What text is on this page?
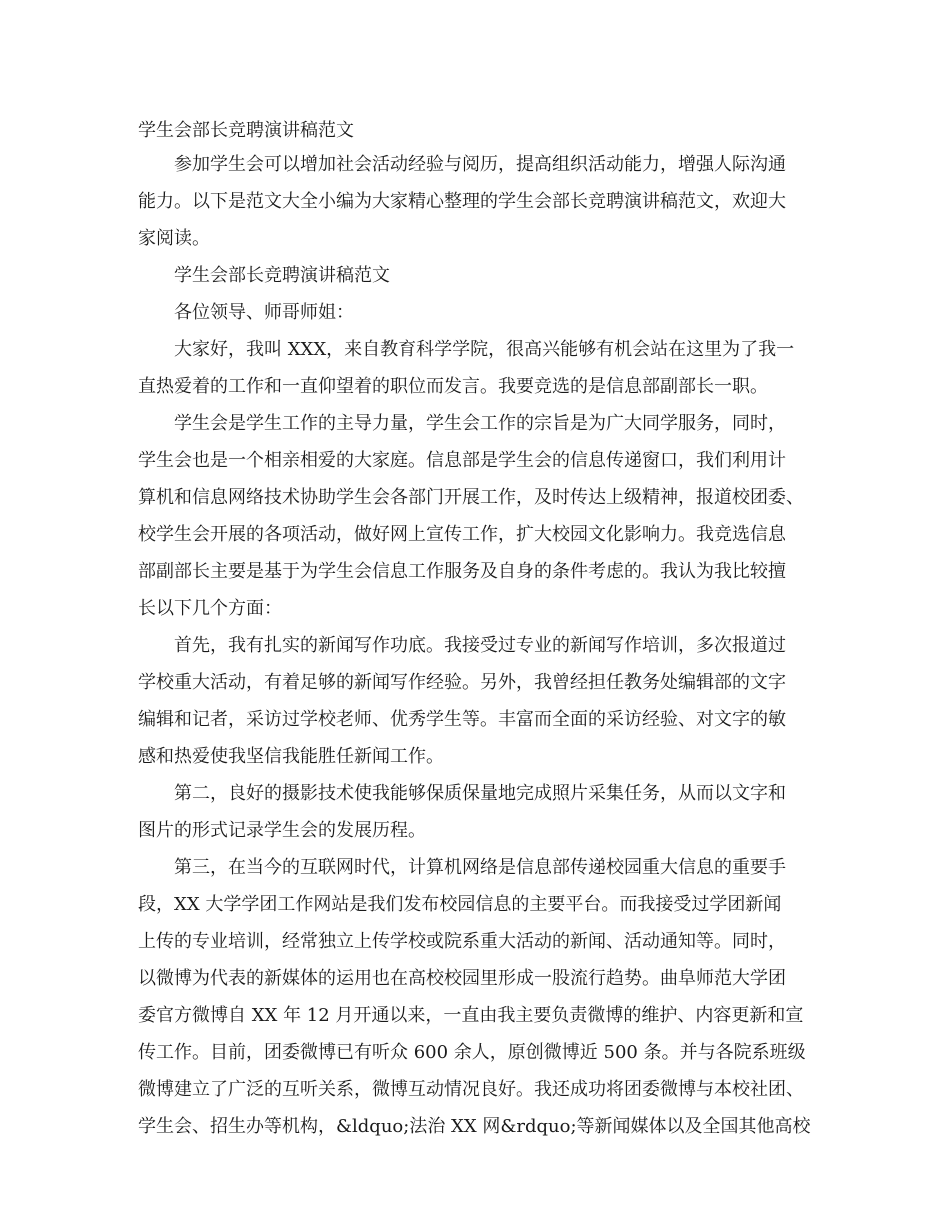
学生会部长竞聘演讲稿范文
参加学生会可以增加社会活动经验与阅历，提高组织活动能力，增强人际沟通
能力。以下是范文大全小编为大家精心整理的学生会部长竞聘演讲稿范文，欢迎大
家阅读。
学生会部长竞聘演讲稿范文
各位领导、师哥师姐：
大家好，我叫 XXX，来自教育科学学院，很高兴能够有机会站在这里为了我一
直热爱着的工作和一直仰望着的职位而发言。我要竞选的是信息部副部长一职。
学生会是学生工作的主导力量，学生会工作的宗旨是为广大同学服务，同时，
学生会也是一个相亲相爱的大家庭。信息部是学生会的信息传递窗口，我们利用计
算机和信息网络技术协助学生会各部门开展工作，及时传达上级精神，报道校团委、
校学生会开展的各项活动，做好网上宣传工作，扩大校园文化影响力。我竞选信息
部副部长主要是基于为学生会信息工作服务及自身的条件考虑的。我认为我比较擅
长以下几个方面：
首先，我有扎实的新闻写作功底。我接受过专业的新闻写作培训，多次报道过
学校重大活动，有着足够的新闻写作经验。另外，我曾经担任教务处编辑部的文字
编辑和记者，采访过学校老师、优秀学生等。丰富而全面的采访经验、对文字的敏
感和热爱使我坚信我能胜任新闻工作。
第二，良好的摄影技术使我能够保质保量地完成照片采集任务，从而以文字和
图片的形式记录学生会的发展历程。
第三，在当今的互联网时代，计算机网络是信息部传递校园重大信息的重要手
段，XX 大学学团工作网站是我们发布校园信息的主要平台。而我接受过学团新闻
上传的专业培训，经常独立上传学校或院系重大活动的新闻、活动通知等。同时，
以微博为代表的新媒体的运用也在高校校园里形成一股流行趋势。曲阜师范大学团
委官方微博自 XX 年 12 月开通以来，一直由我主要负责微博的维护、内容更新和宣
传工作。目前，团委微博已有听众 600 余人，原创微博近 500 条。并与各院系班级
微博建立了广泛的互听关系，微博互动情况良好。我还成功将团委微博与本校社团、
学生会、招生办等机构，&ldquo;法治 XX 网&rdquo;等新闻媒体以及全国其他高校
